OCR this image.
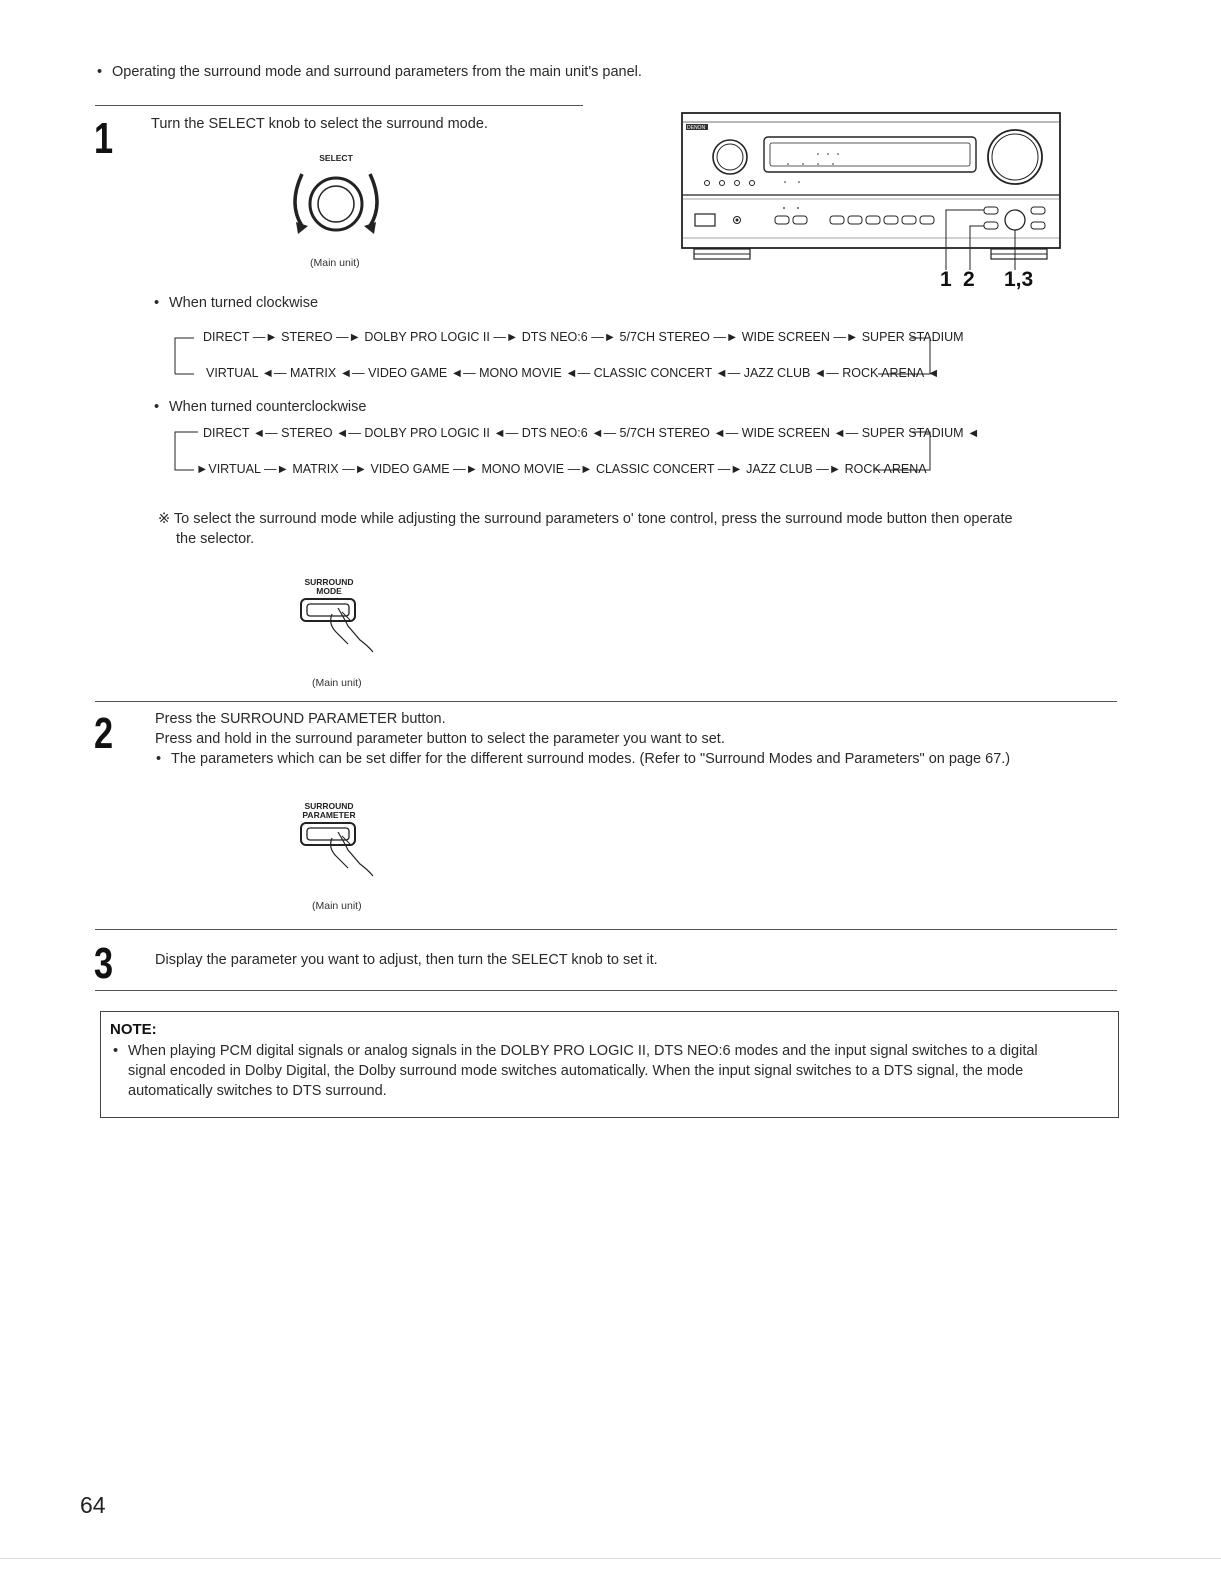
• Operating the surround mode and surround parameters from the main unit's panel.
1	Turn the SELECT knob to select the surround mode.
SELECT
(Main unit)
DENON
1 2 1,3
• When turned clockwise
DIRECT —► STEREO —► DOLBY PRO LOGIC II —► DTS NEO:6 —► 5/7CH STEREO —► WIDE SCREEN —► SUPER STADIUM
VIRTUAL ◄— MATRIX ◄— VIDEO GAME ◄— MONO MOVIE ◄— CLASSIC CONCERT ◄— JAZZ CLUB ◄— ROCK ARENA ◄
• When turned counterclockwise
DIRECT ◄— STEREO ◄— DOLBY PRO LOGIC II ◄— DTS NEO:6 ◄— 5/7CH STEREO ◄— WIDE SCREEN ◄— SUPER STADIUM ◄
►VIRTUAL —► MATRIX —► VIDEO GAME —► MONO MOVIE —► CLASSIC CONCERT —► JAZZ CLUB —► ROCK ARENA
※ To select the surround mode while adjusting the surround parameters o' tone control, press the surround mode button then operate
the selector.
SURROUND
MODE
(Main unit)
2	Press the SURROUND PARAMETER button.
Press and hold in the surround parameter button to select the parameter you want to set.
• The parameters which can be set differ for the different surround modes. (Refer to "Surround Modes and Parameters" on page 67.)
SURROUND
PARAMETER
(Main unit)
3	Display the parameter you want to adjust, then turn the SELECT knob to set it.
NOTE:
• When playing PCM digital signals or analog signals in the DOLBY PRO LOGIC II, DTS NEO:6 modes and the input signal switches to a digital
signal encoded in Dolby Digital, the Dolby surround mode switches automatically. When the input signal switches to a DTS signal, the mode
automatically switches to DTS surround.
64
